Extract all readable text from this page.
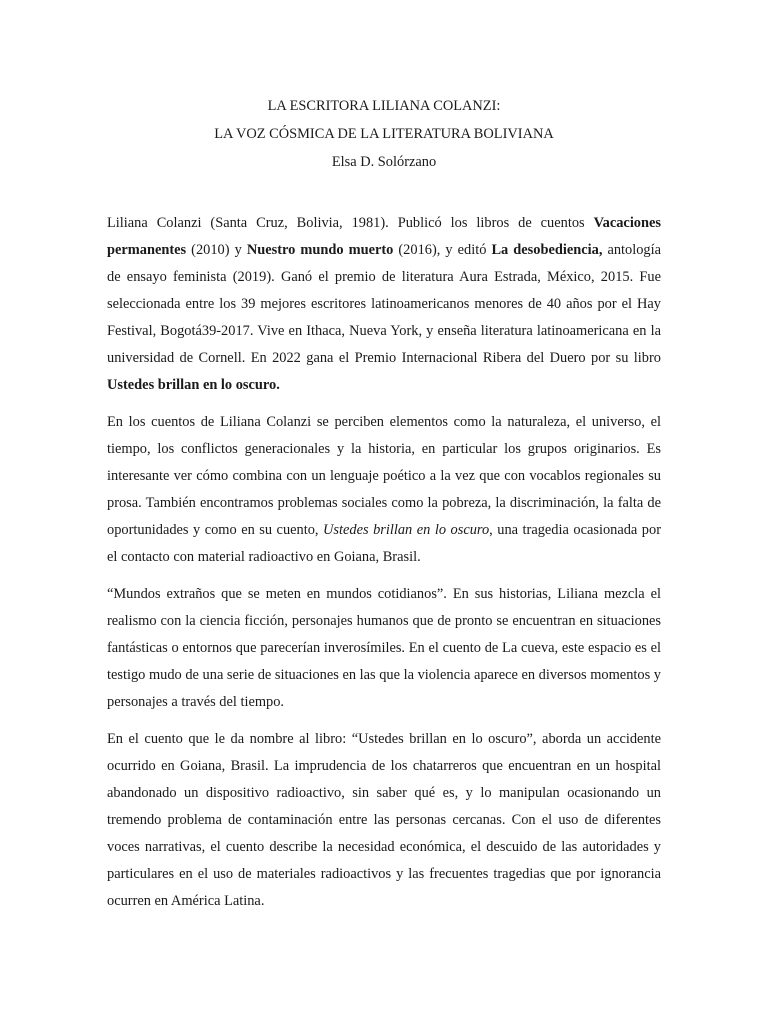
LA ESCRITORA LILIANA COLANZI:
LA VOZ CÓSMICA DE LA LITERATURA BOLIVIANA
Elsa D. Solórzano

Liliana Colanzi (Santa Cruz, Bolivia, 1981). Publicó los libros de cuentos Vacaciones permanentes (2010) y Nuestro mundo muerto (2016), y editó La desobediencia, antología de ensayo feminista (2019). Ganó el premio de literatura Aura Estrada, México, 2015. Fue seleccionada entre los 39 mejores escritores latinoamericanos menores de 40 años por el Hay Festival, Bogotá39-2017. Vive en Ithaca, Nueva York, y enseña literatura latinoamericana en la universidad de Cornell. En 2022 gana el Premio Internacional Ribera del Duero por su libro Ustedes brillan en lo oscuro.

En los cuentos de Liliana Colanzi se perciben elementos como la naturaleza, el universo, el tiempo, los conflictos generacionales y la historia, en particular los grupos originarios. Es interesante ver cómo combina con un lenguaje poético a la vez que con vocablos regionales su prosa. También encontramos problemas sociales como la pobreza, la discriminación, la falta de oportunidades y como en su cuento, Ustedes brillan en lo oscuro, una tragedia ocasionada por el contacto con material radioactivo en Goiana, Brasil.

“Mundos extraños que se meten en mundos cotidianos”. En sus historias, Liliana mezcla el realismo con la ciencia ficción, personajes humanos que de pronto se encuentran en situaciones fantásticas o entornos que parecerían inverosímiles. En el cuento de La cueva, este espacio es el testigo mudo de una serie de situaciones en las que la violencia aparece en diversos momentos y personajes a través del tiempo.

En el cuento que le da nombre al libro: “Ustedes brillan en lo oscuro”, aborda un accidente ocurrido en Goiana, Brasil. La imprudencia de los chatarreros que encuentran en un hospital abandonado un dispositivo radioactivo, sin saber qué es, y lo manipulan ocasionando un tremendo problema de contaminación entre las personas cercanas. Con el uso de diferentes voces narrativas, el cuento describe la necesidad económica, el descuido de las autoridades y particulares en el uso de materiales radioactivos y las frecuentes tragedias que por ignorancia ocurren en América Latina.
